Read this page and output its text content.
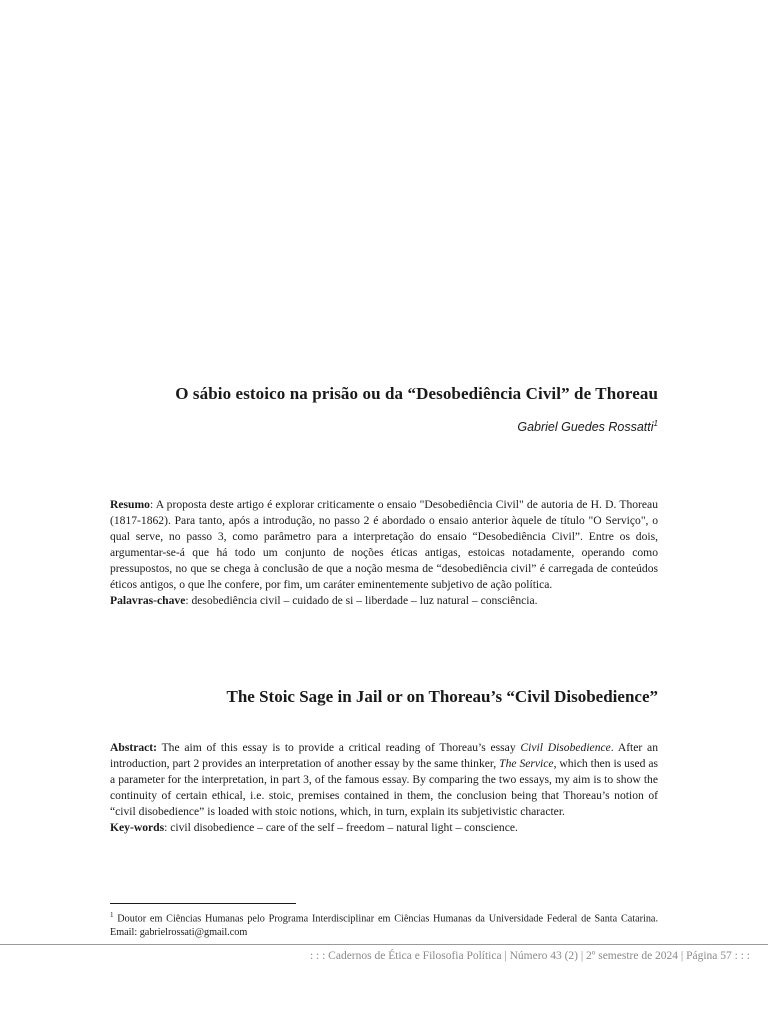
O sábio estoico na prisão ou da “Desobediência Civil” de Thoreau
Gabriel Guedes Rossatti$^1$

Resumo: A proposta deste artigo é explorar criticamente o ensaio "Desobediência Civil" de autoria de H. D. Thoreau (1817-1862). Para tanto, após a introdução, no passo 2 é abordado o ensaio anterior àquele de título "O Serviço", o qual serve, no passo 3, como parâmetro para a interpretação do ensaio “Desobediência Civil”. Entre os dois, argumentar-se-á que há todo um conjunto de noções éticas antigas, estoicas notadamente, operando como pressupostos, no que se chega à conclusão de que a noção mesma de “desobediência civil” é carregada de conteúdos éticos antigos, o que lhe confere, por fim, um caráter eminentemente subjetivo de ação política.

Palavras-chave: desobediência civil – cuidado de si – liberdade – luz natural – consciência.

The Stoic Sage in Jail or on Thoreau’s “Civil Disobedience”

Abstract: The aim of this essay is to provide a critical reading of Thoreau’s essay Civil Disobedience. After an introduction, part 2 provides an interpretation of another essay by the same thinker, The Service, which then is used as a parameter for the interpretation, in part 3, of the famous essay. By comparing the two essays, my aim is to show the continuity of certain ethical, i.e. stoic, premises contained in them, the conclusion being that Thoreau’s notion of “civil disobedience” is loaded with stoic notions, which, in turn, explain its subjetivistic character.

Key-words: civil disobedience – care of the self – freedom – natural light – conscience.

$^1$ Doutor em Ciências Humanas pelo Programa Interdisciplinar em Ciências Humanas da Universidade Federal de Santa Catarina. Email: gabrielrossati@gmail.com
: : : Cadernos de Ética e Filosofia Política | Número 43 (2) | 2º semestre de 2024 | Página 57 : : :
